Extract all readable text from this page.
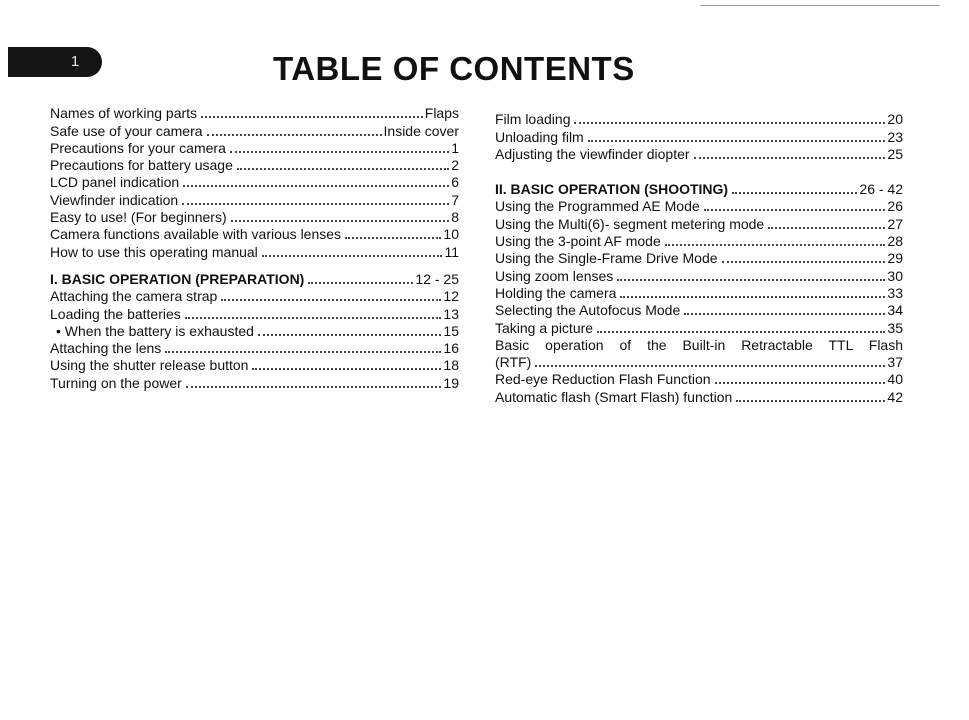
1	TABLE OF CONTENTS
Names of working parts	Flaps
Safe use of your camera	Inside cover
Precautions for your camera	1
Precautions for battery usage	2
LCD panel indication	6
Viewfinder indication	7
Easy to use! (For beginners)	8
Camera functions available with various lenses	10
How to use this operating manual	11
I. BASIC OPERATION (PREPARATION)	12 - 25
Attaching the camera strap	12
Loading the batteries	13
• When the battery is exhausted	15
Attaching the lens	16
Using the shutter release button	18
Turning on the power	19
Film loading	20
Unloading film	23
Adjusting the viewfinder diopter	25
II. BASIC OPERATION (SHOOTING)	26 - 42
Using the Programmed AE Mode	26
Using the Multi(6)- segment metering mode	27
Using the 3-point AF mode	28
Using the Single-Frame Drive Mode	29
Using zoom lenses	30
Holding the camera	33
Selecting the Autofocus Mode	34
Taking a picture	35
Basic operation of the Built-in Retractable TTL Flash
(RTF)	37
Red-eye Reduction Flash Function	40
Automatic flash (Smart Flash) function	42
